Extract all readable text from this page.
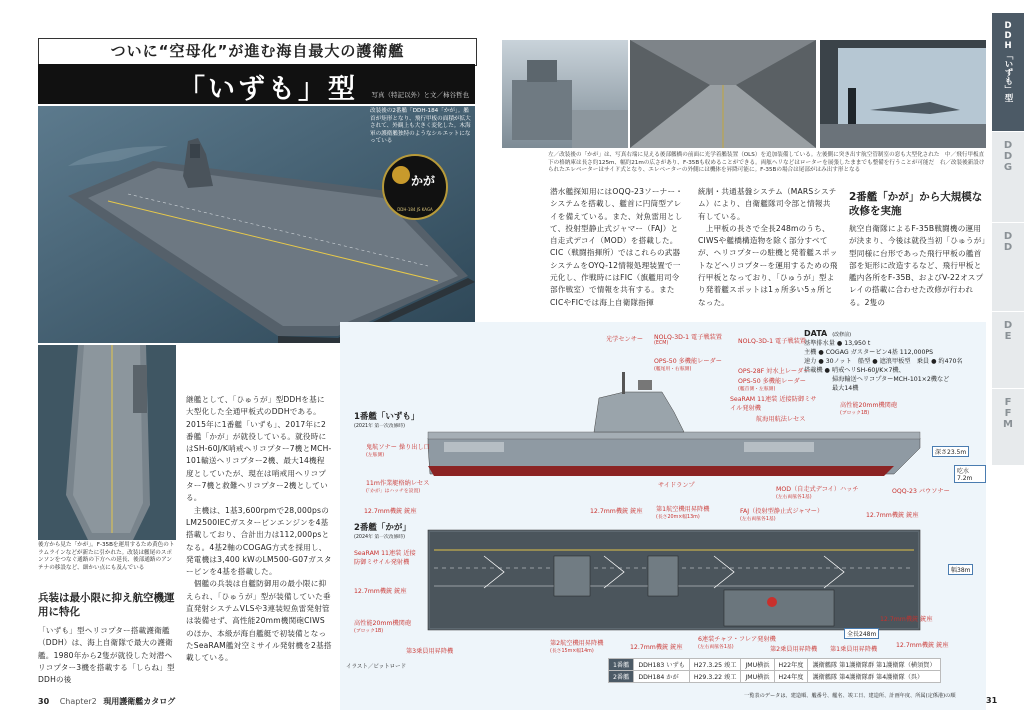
ついに“空母化”が進む海自最大の護衛艦
「いずも」型 写真（特記以外）と文／柿谷哲也
改装後の2番艦「DDH-184「かが」。艦首が矩形となり、飛行甲板の面積が拡大されて、外観上も大きく変化した。木海軍の護衛艦独特のようなシルエットになっている
かが
DDH-184 JS KAGA
後方から見た「かが」。F-35Bを運用するため黄色のトラムラインなどが新たに引かれた。改装は艦尾のスポンソンをつなぐ通路の下方への延長、後部通路のアンテナの移設など、細かい点にも及んでいる
兵装は最小限に抑え航空機運用に特化
「いずも」型ヘリコプター搭載護衛艦（DDH）は、海上自衛隊で最大の護衛艦。1980年から2隻が就役した対潜ヘリコプター3機を搭載する「しらね」型DDHの後
継艦として、「ひゅうが」型DDHを基に大型化した全通甲板式のDDHである。2015年に1番艦「いずも」、2017年に2番艦「かが」が就役している。就役時にはSH-60J/K哨戒ヘリコプター7機とMCH-101輸送ヘリコプター2機、最大14機程度としていたが、現在は哨戒用ヘリコプター7機と救難ヘリコプター2機としている。
　主機は、1基3,600rpmで28,000psのLM2500IECガスタービンエンジンを4基搭載しており、合計出力は112,000psとなる。4基2軸のCOGAG方式を採用し、発電機は3,400 kWのLM500-G07ガスタービンを4基を搭載した。
　個艦の兵装は自艦防御用の最小限に抑えられ、「ひゅうが」型が装備していた垂直発射システムVLSや3連装短魚雷発射管は装備せず、高性能20mm機関砲CIWSのほか、本級が海自艦艇で初装備となったSeaRAM艦対空ミサイル発射機を2基搭載している。
30 Chapter2 現用護衛艦カタログ
左／改装後の「かが」は、写真右端に見える後部艦橋の前面に光学着艦装置（OLS）を追加装備している。左後側に突き出す航空管制室の窓も大型化された　中／飛行甲板直下の格納庫は長さ約125m、幅約21mの広さがあり、F-35Bも収めることができる。両舷ヘリなどはローターを展張したままでも整備を行うことが可能だ　右／改装後新設けられたエレベーターはサイド式となり、エレベーターの外側には機体を昇降可能に。F-35Bの場合は尾部がはみ出す形となる
潜水艦探知用にはOQQ-23ソーナー・システムを搭載し、艦首に円筒型アレイを備えている。また、対魚雷用として、投射型静止式ジャマー（FAJ）と自走式デコイ（MOD）を搭載した。CIC（戦闘指揮所）ではこれらの武器システムをOYQ-12情報処理装置で一元化し、作戦時にはFIC（旗艦用司令部作戦室）で情報を共有する。またCICやFICでは海上自衛隊指揮
統制・共通基盤システム（MARSシステム）により、自衛艦隊司令部と情報共有している。
　上甲板の長さで全長248mのうち、CIWSや艦橋構造物を除く部分すべてが、ヘリコプターの駐機と発着艦スポットなどヘリコプターを運用するための飛行甲板となっており、「ひゅうが」型より発着艦スポットは1ヵ所多い5ヵ所となった。
2番艦「かが」から大規模な改修を実施
航空自衛隊によるF-35B戦闘機の運用が決まり、今後は就役当初「ひゅうが」型同様に台形であった飛行甲板の艦首部を矩形に改造するなど、飛行甲板と艦内各所をF-35B、およびV-22オスプレイの搭載に合わせた改修が行われる。2隻の
DDH「いずも」型
DDG
DD
DE
FFM
DATA (改修前)
基準排水量 ● 13,950 t
主機 ● COGAG ガスタービン4基 112,000PS
速力 ● 30ノット　船型 ● 遮浪甲板型　乗員 ● 約470名
搭載機 ● 哨戒ヘリSH-60J/K×7機、
掃海輸送ヘリコプターMCH-101×2機など
最大14機
1番艦「いずも」
(2021年 第一次改修時)
深さ23.5m
吃水7.2m
光学センサー NOLQ-3D-1 電子戦装置
(ECM)	NOLQ-3D-1 電子戦装置
OPS-50 多機能レーダー
(艦尾用・右舷側)	OPS-28F 対水上レーダー
OPS-50 多機能レーダー
(艦首側・左舷側)
SeaRAM 11連装 近接防御ミサイル発射機
航海用航法レセス
高性能20mm機関砲
(ブロック1B)
鬼航ソナー 操り出し口
(左舷側)
11m作業艇格納レセス
(「かが」はハッチを設置)
サイドランプ
MOD（自走式デコイ）ハッチ
(左右両舷各1基)
OQQ-23 バウソナー
2番艦「かが」
(2024年 第一次改修時)
幅38m
全長248m
12.7mm機銃 銃座	12.7mm機銃 銃座 第1航空機用昇降機
(長さ20m×幅13m)
FAJ（投射型静止式ジャマー）
(左右両舷各1基)
12.7mm機銃 銃座
SeaRAM 11連装 近接防御ミサイル発射機
12.7mm機銃 銃座
高性能20mm機関砲
(ブロック1B)
第2航空機用昇降機
(長さ15m×幅14m)
第3乗員用昇降機
12.7mm機銃 銃座
6連装チャフ・フレア発射機
(左右両舷各1基)	第2乗員用昇降機 第1乗員用昇降機
12.7mm機銃 銃座
12.7mm機銃 銃座
イラスト／ビットロード	1番艦	DDH183 いずも	H27.3.25 竣工	JMU横浜	H22年度	護衛艦隊 第1護衛隊群 第1護衛隊（横須賀）
2番艦	DDH184 かが	H29.3.22 竣工	JMU横浜	H24年度	護衛艦隊 第4護衛隊群 第4護衛隊（呉）
一覧表のデータは、建造順、艦番号、艦名、竣工日、建造所、計画年度、所属(定係港)の順	31
